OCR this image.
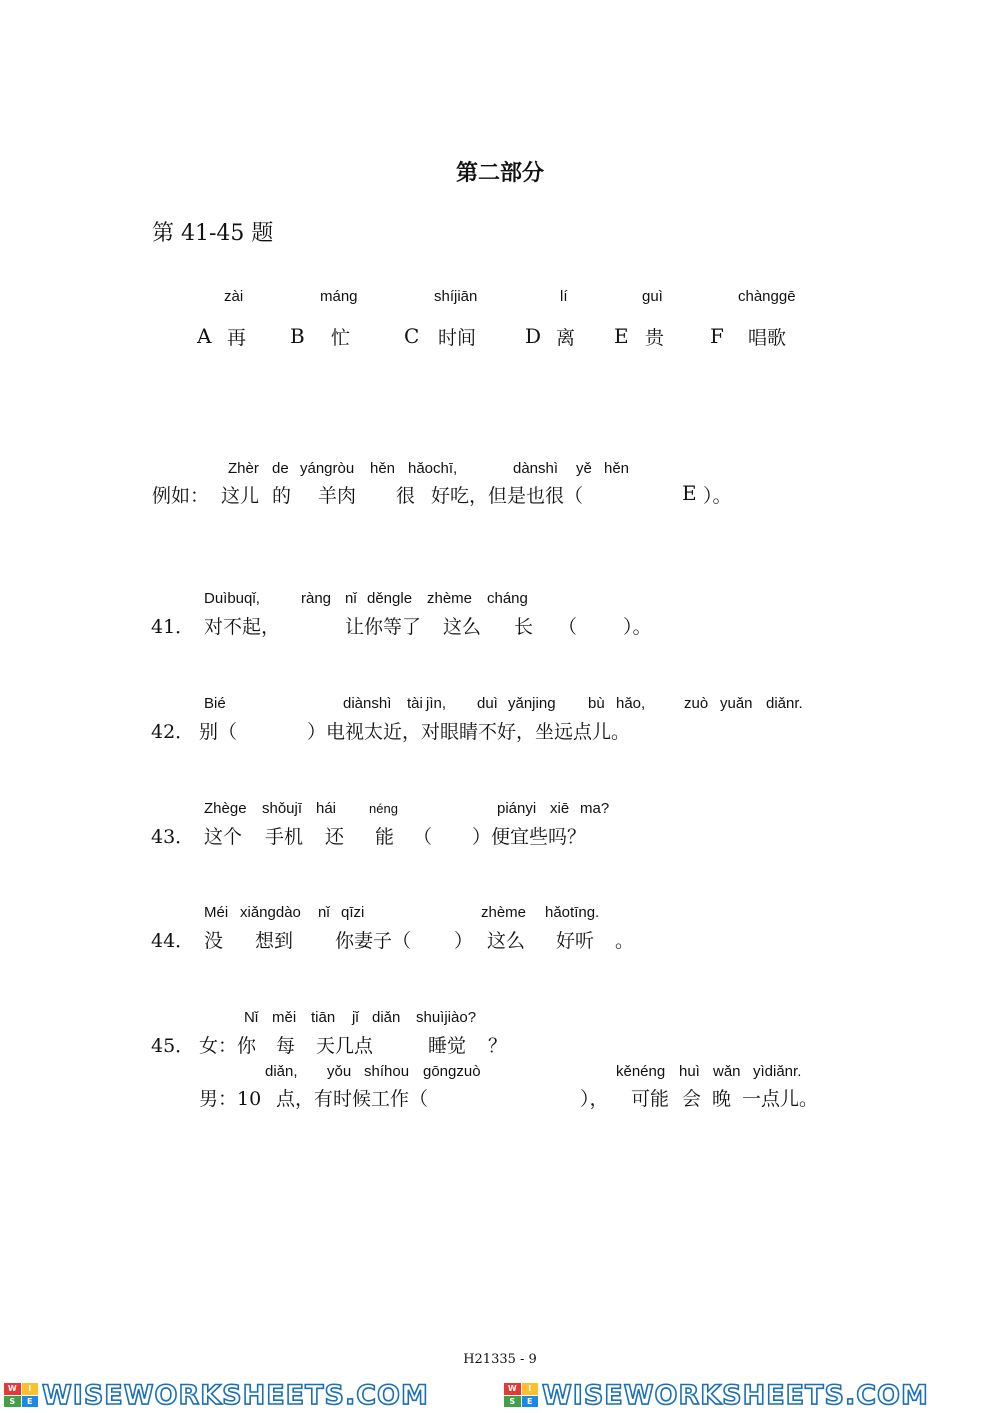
第二部分
第 41-45 题
zài	máng	shíjiān	lí	guì	chànggē
A 再 B 忙	C 时间 D 离 E 贵 F 唱歌
Zhèr de yángròu hěn hǎochī,	dànshì yě hěn
例如： 这儿 的 羊肉 很 好吃，但是也很（	E ）。
Duìbuqǐ,	ràng nǐ děngle zhème cháng
41． 对不起，	让你等了 这么 长 （ ）。
Bié	diànshì tài jìn, duì yǎnjing bù hǎo,	zuò yuǎn diǎnr.
42． 别（	）电视太近，对眼睛不好，坐远点儿。
Zhège shǒujī hái	néng	piányi xiē ma?
43． 这个 手机 还 能 （ ）便宜些吗？
Méi xiǎngdào nǐ qīzi	zhème hǎotīng.
44． 没 想到 你妻子（ ） 这么 好听 。
Nǐ měi tiān jǐ diǎn shuìjiào?
45． 女：你 每 天几点	睡觉 ？
diǎn, yǒu shíhou gōngzuò	kěnéng huì wǎn yìdiǎnr.
男：10 点，有时候工作（	）， 可能 会 晚 一点儿。
H21335 - 9
W	I
S	E WISEWORKSHEETS.COM	W	I
S	E WISEWORKSHEETS.COM
